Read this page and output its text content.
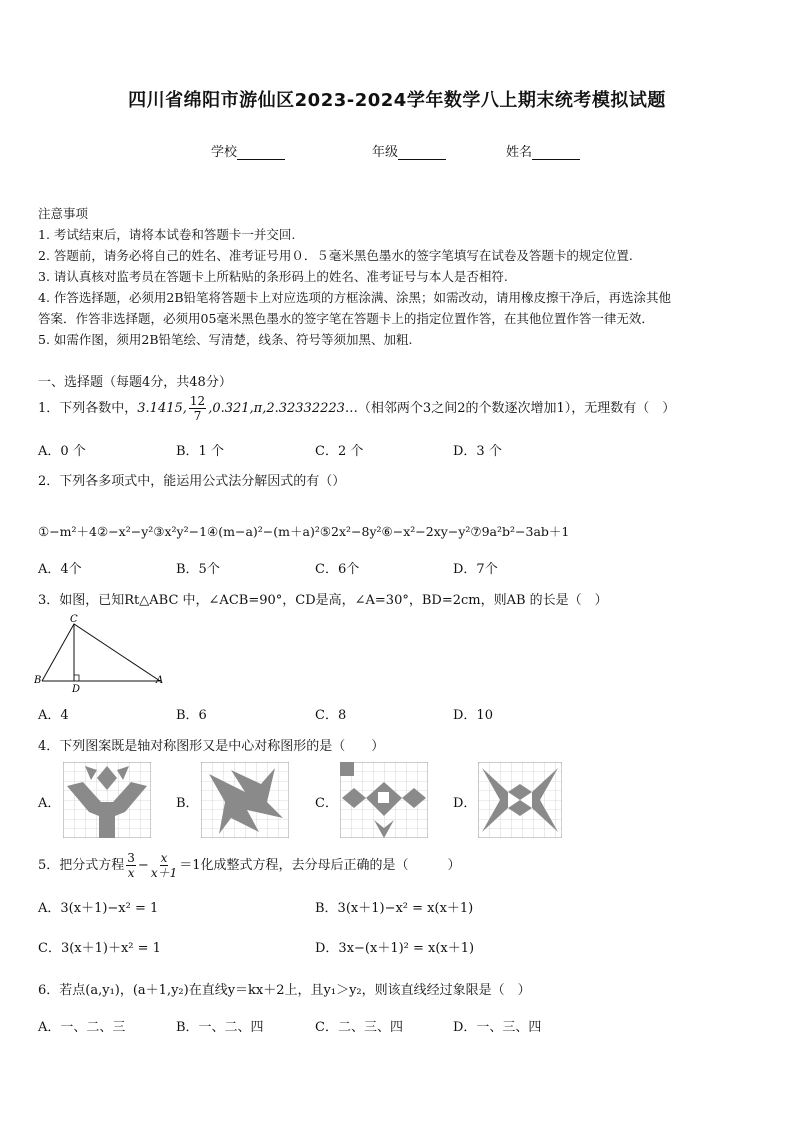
四川省绵阳市游仙区2023-2024学年数学八上期末统考模拟试题
学校	年级	姓名
注意事项
1. 考试结束后，请将本试卷和答题卡一并交回.
2. 答题前，请务必将自己的姓名、准考证号用０．５毫米黑色墨水的签字笔填写在试卷及答题卡的规定位置.
3. 请认真核对监考员在答题卡上所粘贴的条形码上的姓名、准考证号与本人是否相符.
4. 作答选择题，必须用2B铅笔将答题卡上对应选项的方框涂满、涂黑；如需改动，请用橡皮擦干净后，再选涂其他
答案．作答非选择题，必须用05毫米黑色墨水的签字笔在答题卡上的指定位置作答，在其他位置作答一律无效．
5. 如需作图，须用2B铅笔绘、写清楚，线条、符号等须加黑、加粗.
一、选择题（每题4分，共48分）
1．下列各数中，3.1415, $\frac{12}{7}$ ,0.321,π,2.32332223…（相邻两个3之间2的个数逐次增加1），无理数有（　）
A．0 个	B．1 个	C．2 个	D．3 个
2．下列各多项式中，能运用公式法分解因式的有（）
①−m²＋4②−x²−y²③x²y²−1④(m−a)²−(m＋a)²⑤2x²−8y²⑥−x²−2xy−y²⑦9a²b²−3ab＋1
A．4个	B．5个	C．6个	D．7个
3．如图，已知Rt△ABC 中，∠ACB=90°，CD是高，∠A=30°，BD=2cm，则AB 的长是（　）
C
B
D
A
A．4	B．6	C．8	D．10
4．下列图案既是轴对称图形又是中心对称图形的是（　　）
A．	B．	C．	D．
5．把分式方程 $\frac{3}{x} - \frac{x}{x+1} =1$化成整式方程，去分母后正确的是（　　　）
A．3(x＋1)−x² = 1	B．3(x＋1)−x² = x(x＋1)
C．3(x＋1)＋x² = 1	D．3x−(x＋1)² = x(x＋1)
6．若点(a,y₁)，(a＋1,y₂)在直线y＝kx＋2上，且y₁＞y₂，则该直线经过象限是（　）
A．一、二、三	B．一、二、四	C．二、三、四	D．一、三、四
